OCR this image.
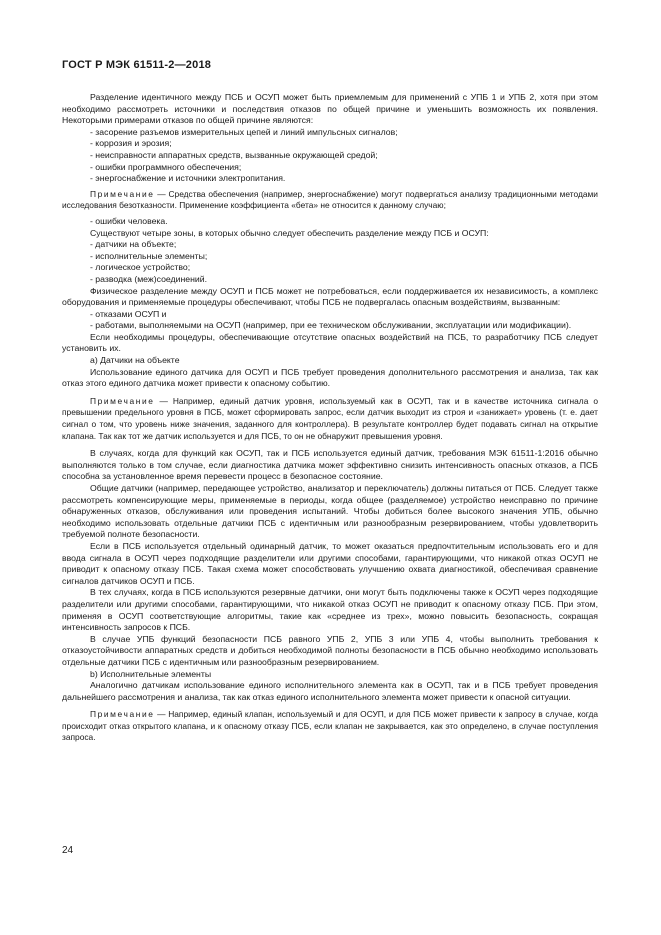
ГОСТ Р МЭК 61511-2—2018

Разделение идентичного между ПСБ и ОСУП может быть приемлемым для применений с УПБ 1 и УПБ 2, хотя при этом необходимо рассмотреть источники и последствия отказов по общей причине и уменьшить возможность их появления. Некоторыми примерами отказов по общей причине являются:

- засорение разъемов измерительных цепей и линий импульсных сигналов;

- коррозия и эрозия;

- неисправности аппаратных средств, вызванные окружающей средой;

- ошибки программного обеспечения;

- энергоснабжение и источники электропитания.

Примечание — Средства обеспечения (например, энергоснабжение) могут подвергаться анализу традиционными методами исследования безотказности. Применение коэффициента «бета» не относится к данному случаю;

- ошибки человека.

Существуют четыре зоны, в которых обычно следует обеспечить разделение между ПСБ и ОСУП:

- датчики на объекте;

- исполнительные элементы;

- логическое устройство;

- разводка (меж)соединений.

Физическое разделение между ОСУП и ПСБ может не потребоваться, если поддерживается их независимость, а комплекс оборудования и применяемые процедуры обеспечивают, чтобы ПСБ не подвергалась опасным воздействиям, вызванным:

- отказами ОСУП и

- работами, выполняемыми на ОСУП (например, при ее техническом обслуживании, эксплуатации или модификации).

Если необходимы процедуры, обеспечивающие отсутствие опасных воздействий на ПСБ, то разработчику ПСБ следует установить их.

а) Датчики на объекте

Использование единого датчика для ОСУП и ПСБ требует проведения дополнительного рассмотрения и анализа, так как отказ этого единого датчика может привести к опасному событию.

Примечание — Например, единый датчик уровня, используемый как в ОСУП, так и в качестве источника сигнала о превышении предельного уровня в ПСБ, может сформировать запрос, если датчик выходит из строя и «занижает» уровень (т. е. дает сигнал о том, что уровень ниже значения, заданного для контроллера). В результате контроллер будет подавать сигнал на открытие клапана. Так как тот же датчик используется и для ПСБ, то он не обнаружит превышения уровня.

В случаях, когда для функций как ОСУП, так и ПСБ используется единый датчик, требования МЭК 61511-1:2016 обычно выполняются только в том случае, если диагностика датчика может эффективно снизить интенсивность опасных отказов, а ПСБ способна за установленное время перевести процесс в безопасное состояние.

Общие датчики (например, передающее устройство, анализатор и переключатель) должны питаться от ПСБ. Следует также рассмотреть компенсирующие меры, применяемые в периоды, когда общее (разделяемое) устройство неисправно по причине обнаруженных отказов, обслуживания или проведения испытаний. Чтобы добиться более высокого значения УПБ, обычно необходимо использовать отдельные датчики ПСБ с идентичным или разнообразным резервированием, чтобы удовлетворить требуемой полноте безопасности.

Если в ПСБ используется отдельный одинарный датчик, то может оказаться предпочтительным использовать его и для ввода сигнала в ОСУП через подходящие разделители или другими способами, гарантирующими, что никакой отказ ОСУП не приводит к опасному отказу ПСБ. Такая схема может способствовать улучшению охвата диагностикой, обеспечивая сравнение сигналов датчиков ОСУП и ПСБ.

В тех случаях, когда в ПСБ используются резервные датчики, они могут быть подключены также к ОСУП через подходящие разделители или другими способами, гарантирующими, что никакой отказ ОСУП не приводит к опасному отказу ПСБ. При этом, применяя в ОСУП соответствующие алгоритмы, такие как «среднее из трех», можно повысить безопасность, сокращая интенсивность запросов к ПСБ.

В случае УПБ функций безопасности ПСБ равного УПБ 2, УПБ 3 или УПБ 4, чтобы выполнить требования к отказоустойчивости аппаратных средств и добиться необходимой полноты безопасности в ПСБ обычно необходимо использовать отдельные датчики ПСБ с идентичным или разнообразным резервированием.

b) Исполнительные элементы

Аналогично датчикам использование единого исполнительного элемента как в ОСУП, так и в ПСБ требует проведения дальнейшего рассмотрения и анализа, так как отказ единого исполнительного элемента может привести к опасной ситуации.

Примечание — Например, единый клапан, используемый и для ОСУП, и для ПСБ может привести к запросу в случае, когда происходит отказ открытого клапана, и к опасному отказу ПСБ, если клапан не закрывается, как это определено, в случае поступления запроса.

24
